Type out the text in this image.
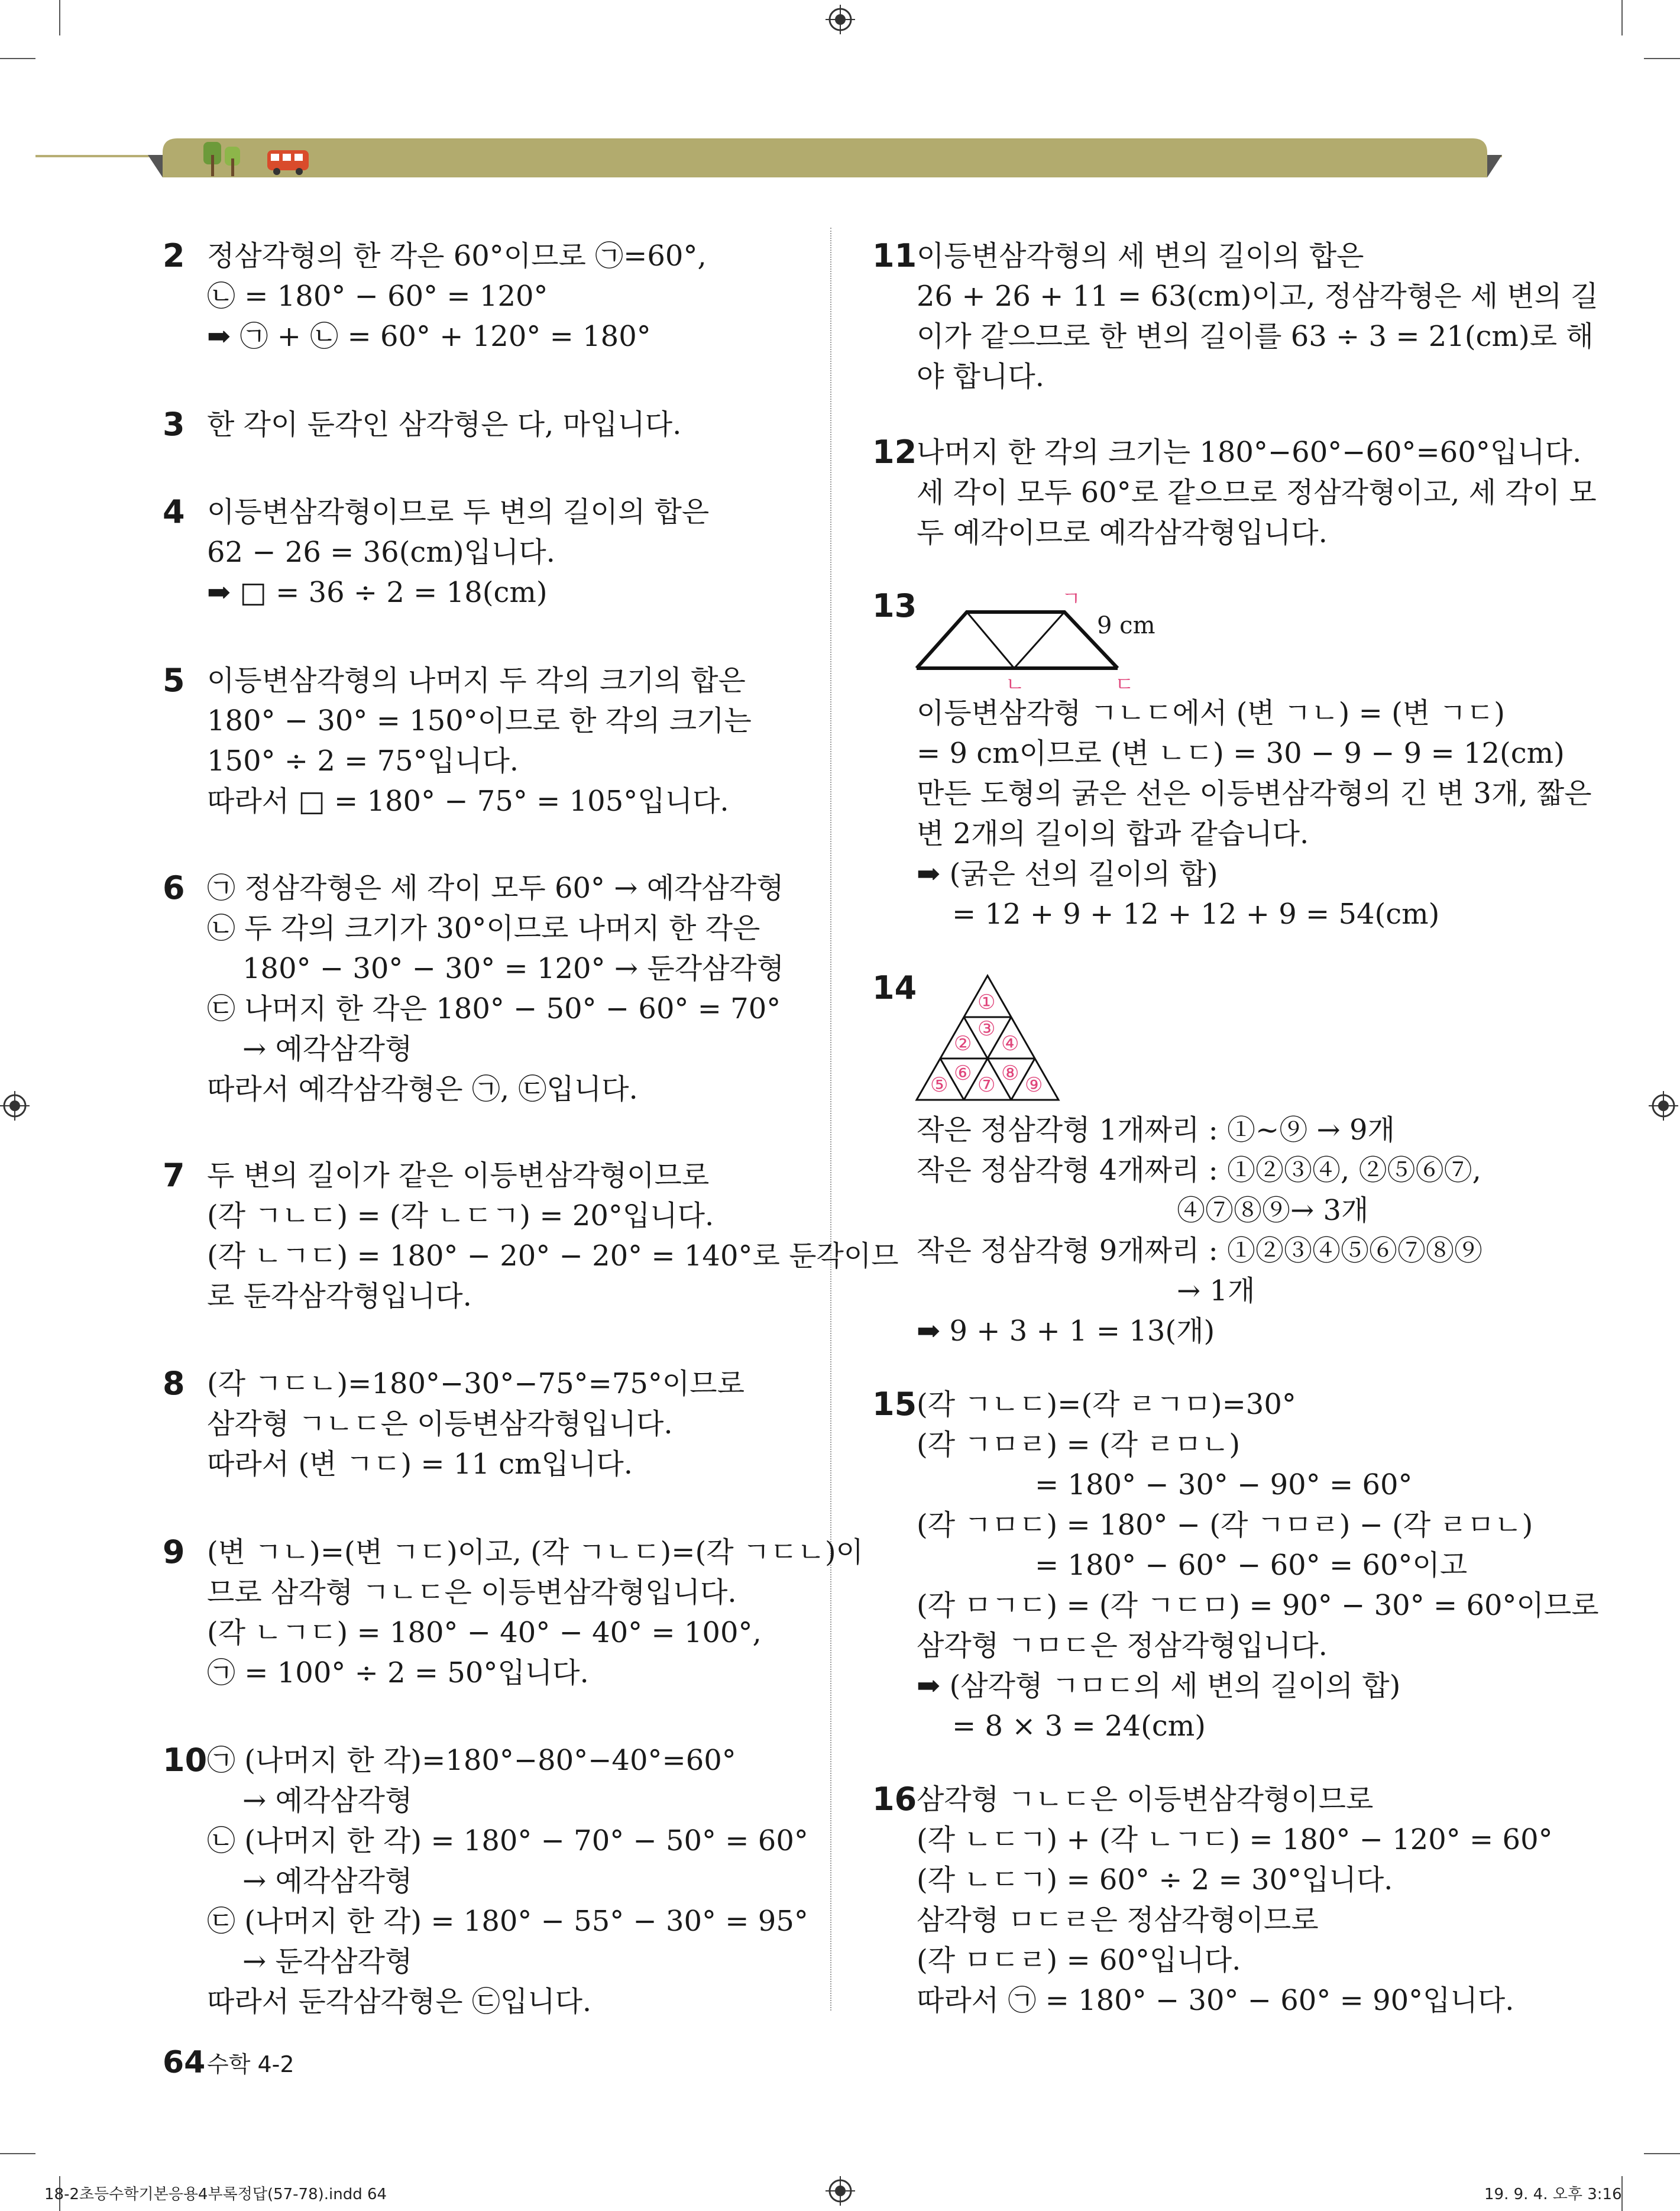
2 정삼각형의 한 각은 60°이므로 ㉠=60°,
㉡ = 180° − 60° = 120°
➡ ㉠ + ㉡ = 60° + 120° = 180°
3 한 각이 둔각인 삼각형은 다, 마입니다.
4 이등변삼각형이므로 두 변의 길이의 합은
62 − 26 = 36(cm)입니다.
➡ □ = 36 ÷ 2 = 18(cm)
5 이등변삼각형의 나머지 두 각의 크기의 합은
180° − 30° = 150°이므로 한 각의 크기는
150° ÷ 2 = 75°입니다.
따라서 □ = 180° − 75° = 105°입니다.
6 ㉠ 정삼각형은 세 각이 모두 60° → 예각삼각형
㉡ 두 각의 크기가 30°이므로 나머지 한 각은
180° − 30° − 30° = 120° → 둔각삼각형
㉢ 나머지 한 각은 180° − 50° − 60° = 70°
→ 예각삼각형
따라서 예각삼각형은 ㉠, ㉢입니다.
7 두 변의 길이가 같은 이등변삼각형이므로
(각 ㄱㄴㄷ) = (각 ㄴㄷㄱ) = 20°입니다.
(각 ㄴㄱㄷ) = 180° − 20° − 20° = 140°로 둔각이므
로 둔각삼각형입니다.
8 (각 ㄱㄷㄴ)=180°−30°−75°=75°이므로
삼각형 ㄱㄴㄷ은 이등변삼각형입니다.
따라서 (변 ㄱㄷ) = 11 cm입니다.
9 (변 ㄱㄴ)=(변 ㄱㄷ)이고, (각 ㄱㄴㄷ)=(각 ㄱㄷㄴ)이
므로 삼각형 ㄱㄴㄷ은 이등변삼각형입니다.
(각 ㄴㄱㄷ) = 180° − 40° − 40° = 100°,
㉠ = 100° ÷ 2 = 50°입니다.
10 ㉠ (나머지 한 각)=180°−80°−40°=60°
→ 예각삼각형
㉡ (나머지 한 각) = 180° − 70° − 50° = 60°
→ 예각삼각형
㉢ (나머지 한 각) = 180° − 55° − 30° = 95°
→ 둔각삼각형
따라서 둔각삼각형은 ㉢입니다.
11 이등변삼각형의 세 변의 길이의 합은
26 + 26 + 11 = 63(cm)이고, 정삼각형은 세 변의 길
이가 같으므로 한 변의 길이를 63 ÷ 3 = 21(cm)로 해
야 합니다.
12 나머지 한 각의 크기는 180°−60°−60°=60°입니다.
세 각이 모두 60°로 같으므로 정삼각형이고, 세 각이 모
두 예각이므로 예각삼각형입니다.
13	ㄱ
9 cm
ㄴ	ㄷ
이등변삼각형 ㄱㄴㄷ에서 (변 ㄱㄴ) = (변 ㄱㄷ)
= 9 cm이므로 (변 ㄴㄷ) = 30 − 9 − 9 = 12(cm)
만든 도형의 굵은 선은 이등변삼각형의 긴 변 3개, 짧은
변 2개의 길이의 합과 같습니다.
➡ (굵은 선의 길이의 합)
= 12 + 9 + 12 + 12 + 9 = 54(cm)
14	①
②
③
④
⑤ ⑥ ⑦ ⑧ ⑨
작은 정삼각형 1개짜리 : ①~⑨ → 9개
작은 정삼각형 4개짜리 : ①②③④, ②⑤⑥⑦,
④⑦⑧⑨→ 3개
작은 정삼각형 9개짜리 : ①②③④⑤⑥⑦⑧⑨
→ 1개
➡ 9 + 3 + 1 = 13(개)
15 (각 ㄱㄴㄷ)=(각 ㄹㄱㅁ)=30°
(각 ㄱㅁㄹ) = (각 ㄹㅁㄴ)
= 180° − 30° − 90° = 60°
(각 ㄱㅁㄷ) = 180° − (각 ㄱㅁㄹ) − (각 ㄹㅁㄴ)
= 180° − 60° − 60° = 60°이고
(각 ㅁㄱㄷ) = (각 ㄱㄷㅁ) = 90° − 30° = 60°이므로
삼각형 ㄱㅁㄷ은 정삼각형입니다.
➡ (삼각형 ㄱㅁㄷ의 세 변의 길이의 합)
= 8 × 3 = 24(cm)
16 삼각형 ㄱㄴㄷ은 이등변삼각형이므로
(각 ㄴㄷㄱ) + (각 ㄴㄱㄷ) = 180° − 120° = 60°
(각 ㄴㄷㄱ) = 60° ÷ 2 = 30°입니다.
삼각형 ㅁㄷㄹ은 정삼각형이므로
(각 ㅁㄷㄹ) = 60°입니다.
따라서 ㉠ = 180° − 30° − 60° = 90°입니다.
64 수학 4-2
18-2초등수학기본응용4부록정답(57-78).indd 64	19. 9. 4. 오후 3:16
